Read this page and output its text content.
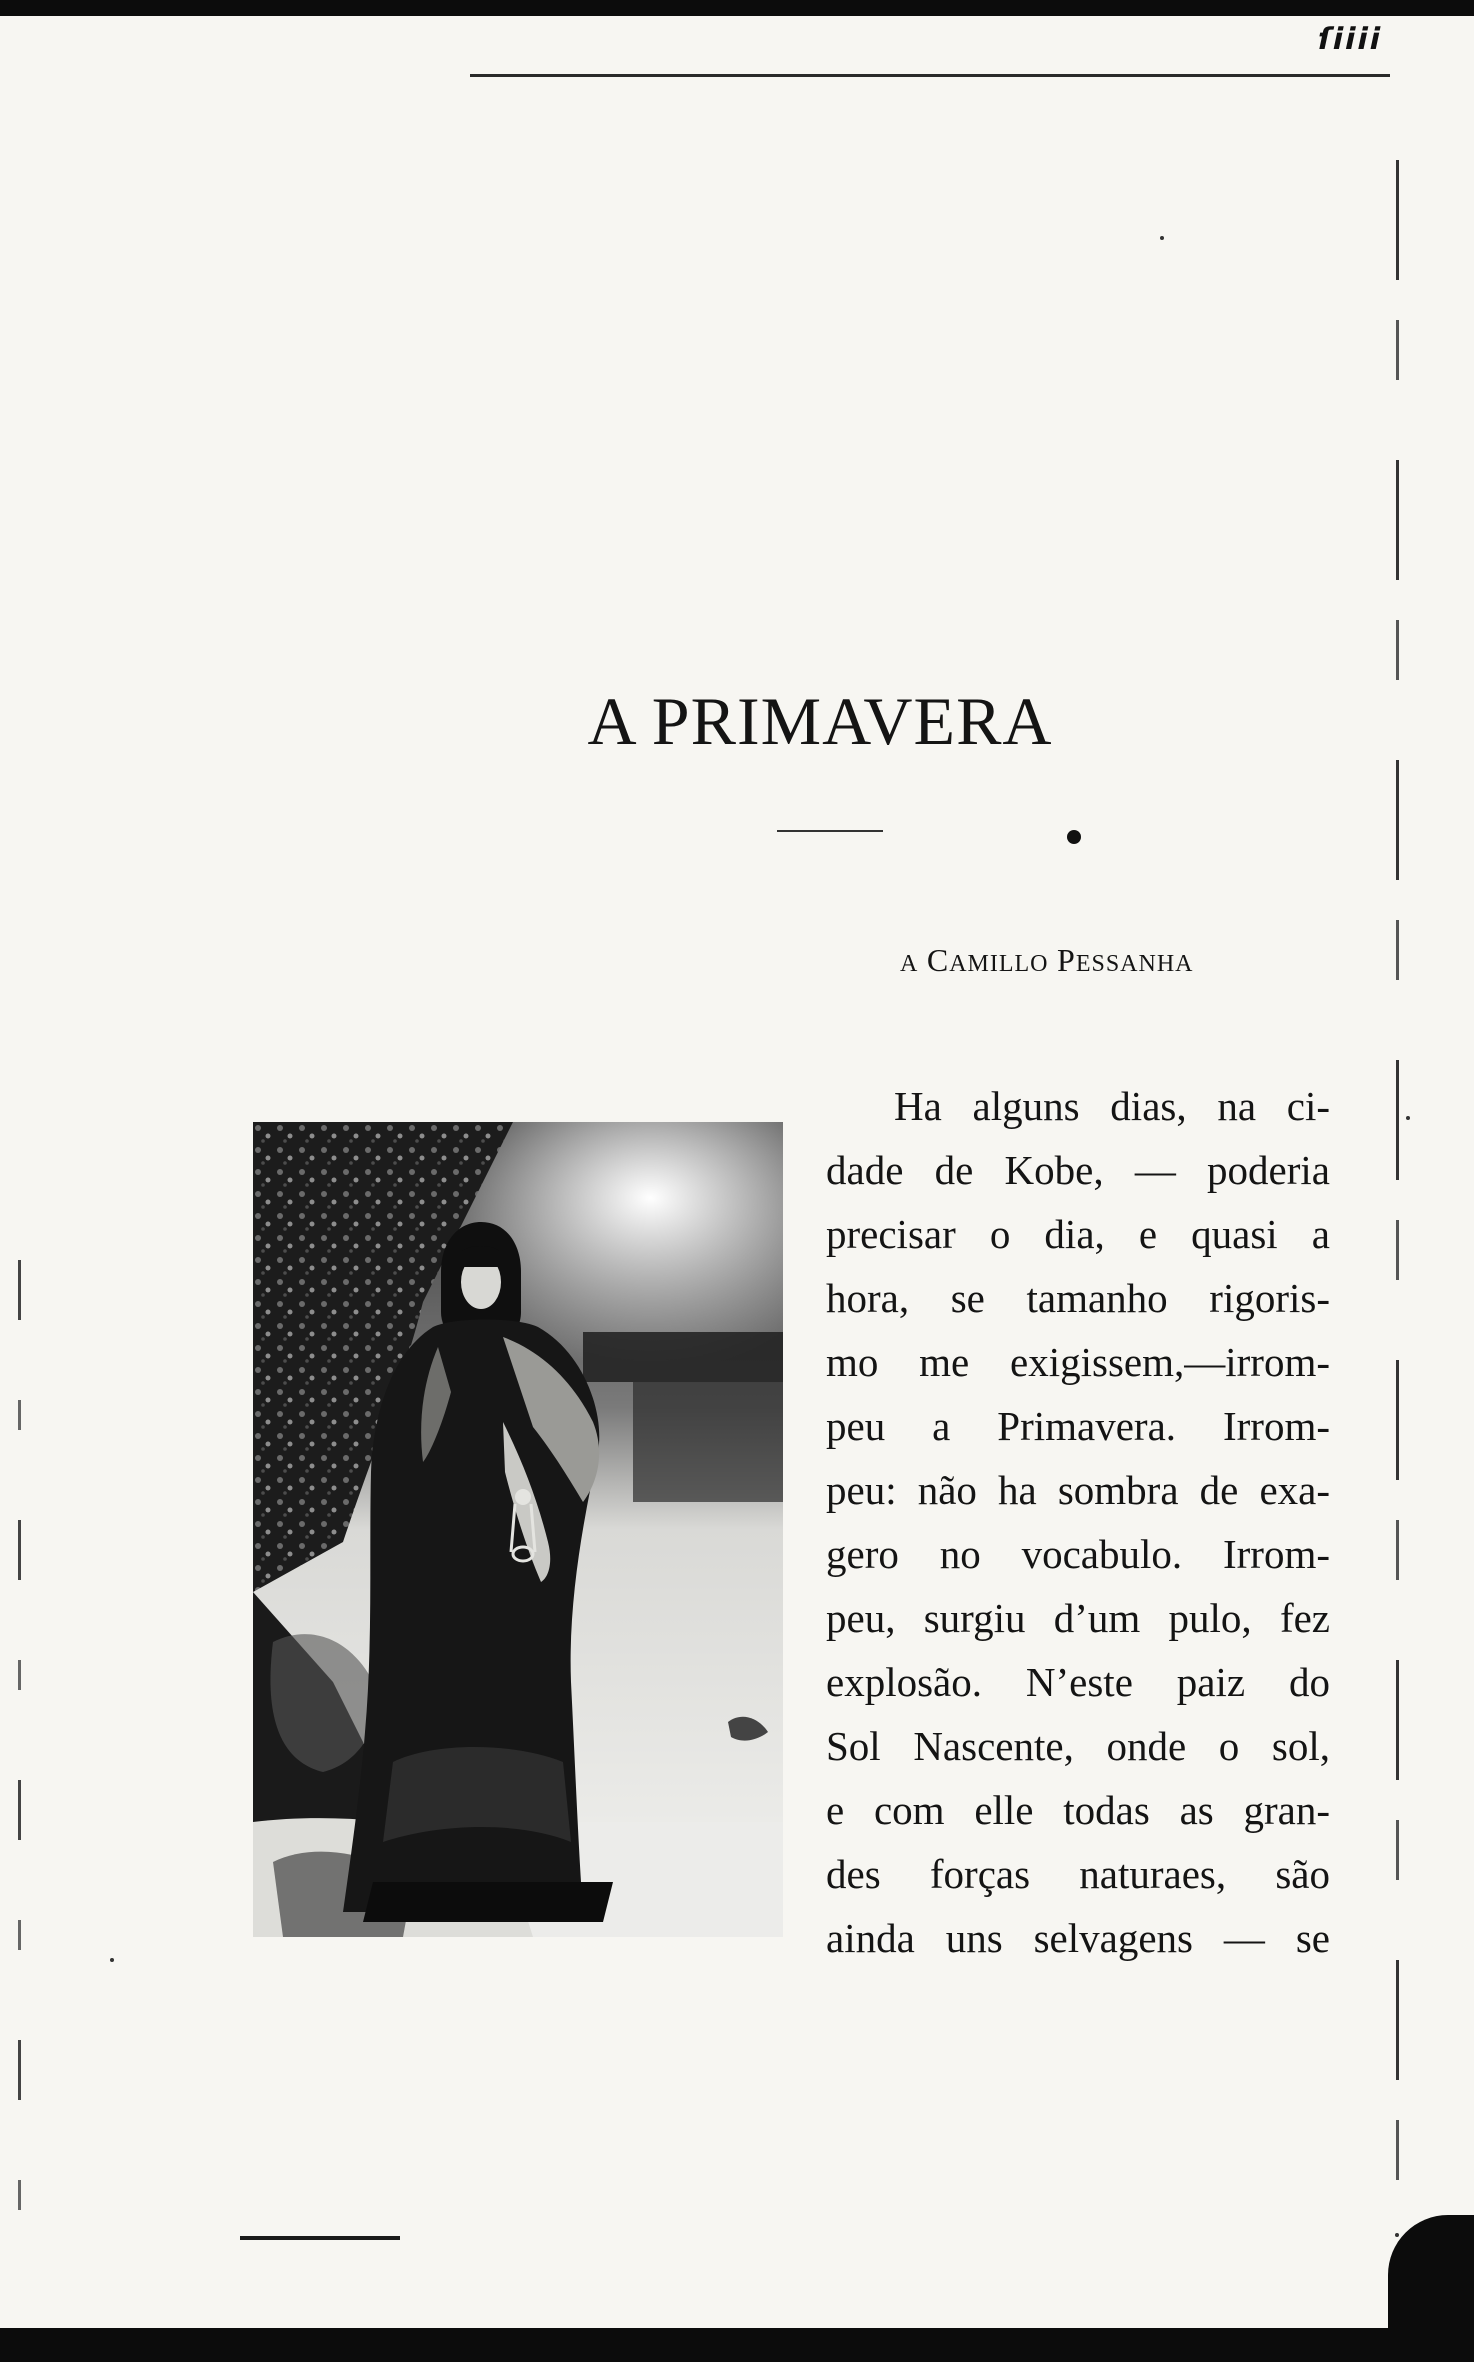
ſiiii
A PRIMAVERA
A CAMILLO PESSANHA
Ha alguns dias, na ci-
dade de Kobe, — poderia
precisar o dia, e quasi a
hora, se tamanho rigoris-
mo me exigissem,—irrom-
peu a Primavera. Irrom-
peu: não ha sombra de exa-
gero no vocabulo. Irrom-
peu, surgiu d’um pulo, fez
explosão. N’este paiz do
Sol Nascente, onde o sol,
e com elle todas as gran-
des forças naturaes, são
ainda uns selvagens — se
